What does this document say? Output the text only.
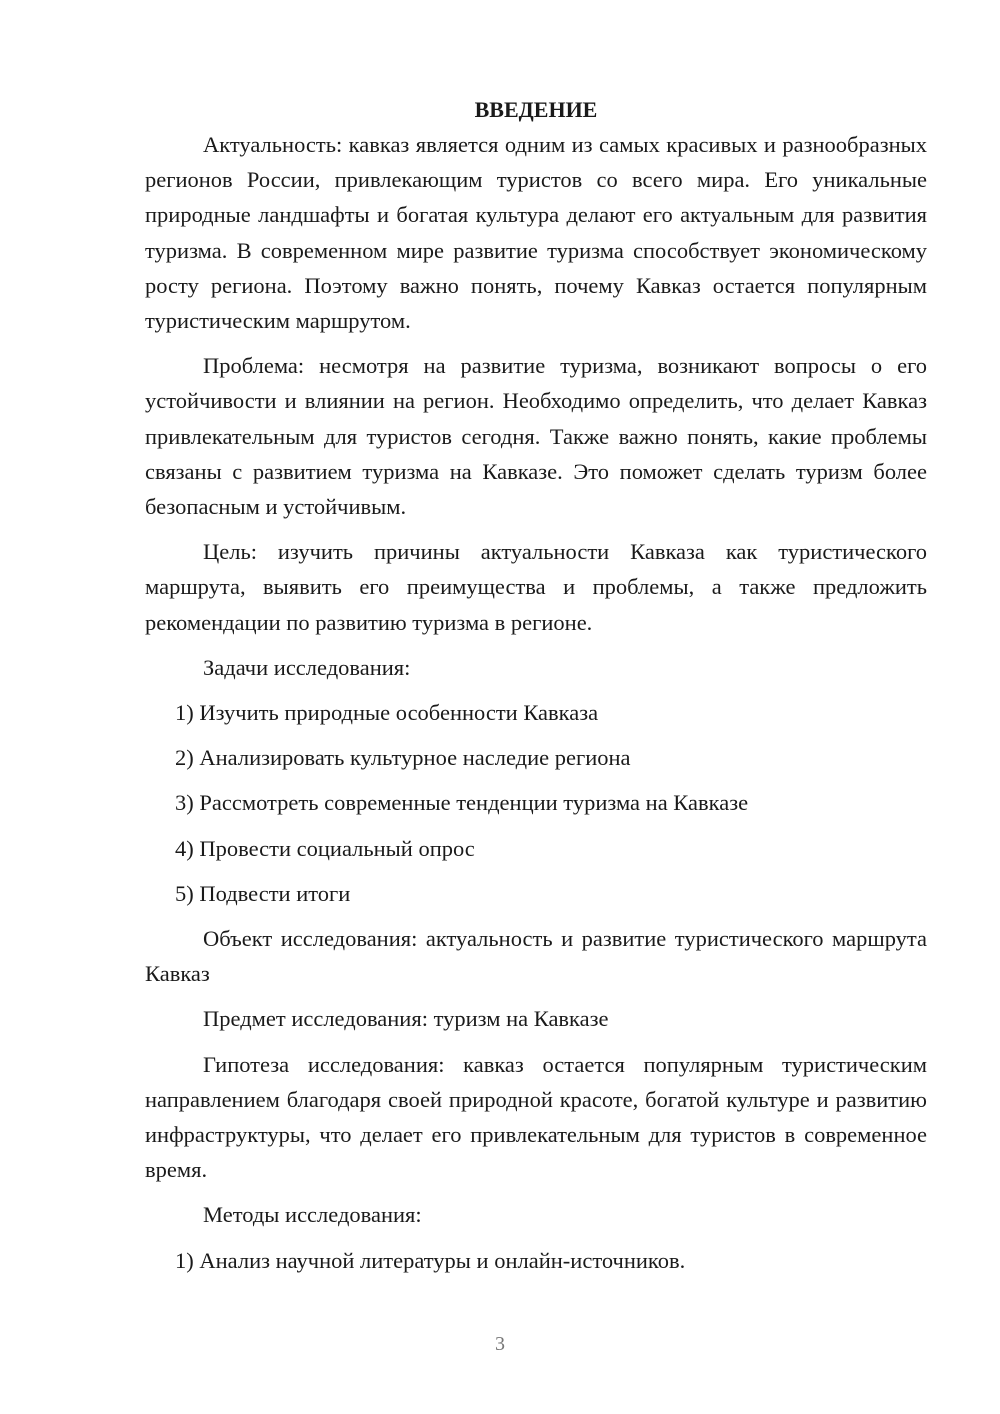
ВВЕДЕНИЕ

Актуальность: кавказ является одним из самых красивых и разнообразных регионов России, привлекающим туристов со всего мира. Его уникальные природные ландшафты и богатая культура делают его актуальным для развития туризма. В современном мире развитие туризма способствует экономическому росту региона. Поэтому важно понять, почему Кавказ остается популярным туристическим маршрутом.

Проблема: несмотря на развитие туризма, возникают вопросы о его устойчивости и влиянии на регион. Необходимо определить, что делает Кавказ привлекательным для туристов сегодня. Также важно понять, какие проблемы связаны с развитием туризма на Кавказе. Это поможет сделать туризм более безопасным и устойчивым.

Цель: изучить причины актуальности Кавказа как туристического маршрута, выявить его преимущества и проблемы, а также предложить рекомендации по развитию туризма в регионе.

Задачи исследования:

1) Изучить природные особенности Кавказа
2) Анализировать культурное наследие региона
3) Рассмотреть современные тенденции туризма на Кавказе
4) Провести социальный опрос
5) Подвести итоги

Объект исследования: актуальность и развитие туристического маршрута Кавказ

Предмет исследования: туризм на Кавказе

Гипотеза исследования: кавказ остается популярным туристическим направлением благодаря своей природной красоте, богатой культуре и развитию инфраструктуры, что делает его привлекательным для туристов в современное время.

Методы исследования:

1) Анализ научной литературы и онлайн-источников.
3
